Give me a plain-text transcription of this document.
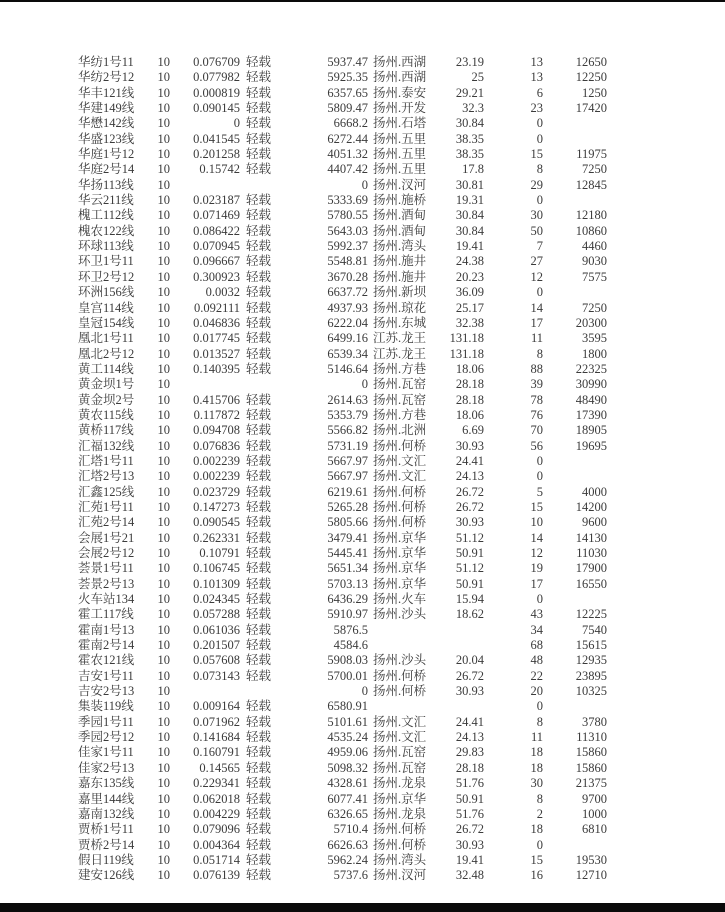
华纺1号11	10	0.076709 轻载	5937.47 扬州.西湖	23.19	13	12650
华纺2号12	10	0.077982 轻载	5925.35 扬州.西湖	25	13	12250
华丰121线	10	0.000819 轻载	6357.65 扬州.泰安	29.21	6	1250
华建149线	10	0.090145 轻载	5809.47 扬州.开发	32.3	23	17420
华懋142线	10	0 轻载	6668.2 扬州.石塔	30.84	0
华盛123线	10	0.041545 轻载	6272.44 扬州.五里	38.35	0
华庭1号12	10	0.201258 轻载	4051.32 扬州.五里	38.35	15	11975
华庭2号14	10	0.15742 轻载	4407.42 扬州.五里	17.8	8	7250
华扬113线	10	0 扬州.汊河	30.81	29	12845
华云211线	10	0.023187 轻载	5333.69 扬州.施桥	19.31	0
槐工112线	10	0.071469 轻载	5780.55 扬州.酒甸	30.84	30	12180
槐农122线	10	0.086422 轻载	5643.03 扬州.酒甸	30.84	50	10860
环球113线	10	0.070945 轻载	5992.37 扬州.湾头	19.41	7	4460
环卫1号11	10	0.096667 轻载	5548.81 扬州.施井	24.38	27	9030
环卫2号12	10	0.300923 轻载	3670.28 扬州.施井	20.23	12	7575
环洲156线	10	0.0032 轻载	6637.72 扬州.新坝	36.09	0
皇宫114线	10	0.092111 轻载	4937.93 扬州.琼花	25.17	14	7250
皇冠154线	10	0.046836 轻载	6222.04 扬州.东城	32.38	17	20300
凰北1号11	10	0.017745 轻载	6499.16 江苏.龙王	131.18	11	3595
凰北2号12	10	0.013527 轻载	6539.34 江苏.龙王	131.18	8	1800
黄工114线	10	0.140395 轻载	5146.64 扬州.方巷	18.06	88	22325
黄金坝1号	10	0 扬州.瓦窑	28.18	39	30990
黄金坝2号	10	0.415706 轻载	2614.63 扬州.瓦窑	28.18	78	48490
黄农115线	10	0.117872 轻载	5353.79 扬州.方巷	18.06	76	17390
黄桥117线	10	0.094708 轻载	5566.82 扬州.北洲	6.69	70	18905
汇福132线	10	0.076836 轻载	5731.19 扬州.何桥	30.93	56	19695
汇塔1号11	10	0.002239 轻载	5667.97 扬州.文汇	24.41	0
汇塔2号13	10	0.002239 轻载	5667.97 扬州.文汇	24.13	0
汇鑫125线	10	0.023729 轻载	6219.61 扬州.何桥	26.72	5	4000
汇苑1号11	10	0.147273 轻载	5265.28 扬州.何桥	26.72	15	14200
汇苑2号14	10	0.090545 轻载	5805.66 扬州.何桥	30.93	10	9600
会展1号21	10	0.262331 轻载	3479.41 扬州.京华	51.12	14	14130
会展2号12	10	0.10791 轻载	5445.41 扬州.京华	50.91	12	11030
荟景1号11	10	0.106745 轻载	5651.34 扬州.京华	51.12	19	17900
荟景2号13	10	0.101309 轻载	5703.13 扬州.京华	50.91	17	16550
火车站134	10	0.024345 轻载	6436.29 扬州.火车	15.94	0
霍工117线	10	0.057288 轻载	5910.97 扬州.沙头	18.62	43	12225
霍南1号13	10	0.061036 轻载	5876.5	34	7540
霍南2号14	10	0.201507 轻载	4584.6	68	15615
霍农121线	10	0.057608 轻载	5908.03 扬州.沙头	20.04	48	12935
吉安1号11	10	0.073143 轻载	5700.01 扬州.何桥	26.72	22	23895
吉安2号13	10	0 扬州.何桥	30.93	20	10325
集装119线	10	0.009164 轻载	6580.91	0
季园1号11	10	0.071962 轻载	5101.61 扬州.文汇	24.41	8	3780
季园2号12	10	0.141684 轻载	4535.24 扬州.文汇	24.13	11	11310
佳家1号11	10	0.160791 轻载	4959.06 扬州.瓦窑	29.83	18	15860
佳家2号13	10	0.14565 轻载	5098.32 扬州.瓦窑	28.18	18	15860
嘉东135线	10	0.229341 轻载	4328.61 扬州.龙泉	51.76	30	21375
嘉里144线	10	0.062018 轻载	6077.41 扬州.京华	50.91	8	9700
嘉南132线	10	0.004229 轻载	6326.65 扬州.龙泉	51.76	2	1000
贾桥1号11	10	0.079096 轻载	5710.4 扬州.何桥	26.72	18	6810
贾桥2号14	10	0.004364 轻载	6626.63 扬州.何桥	30.93	0
假日119线	10	0.051714 轻载	5962.24 扬州.湾头	19.41	15	19530
建安126线	10	0.076139 轻载	5737.6 扬州.汊河	32.48	16	12710
